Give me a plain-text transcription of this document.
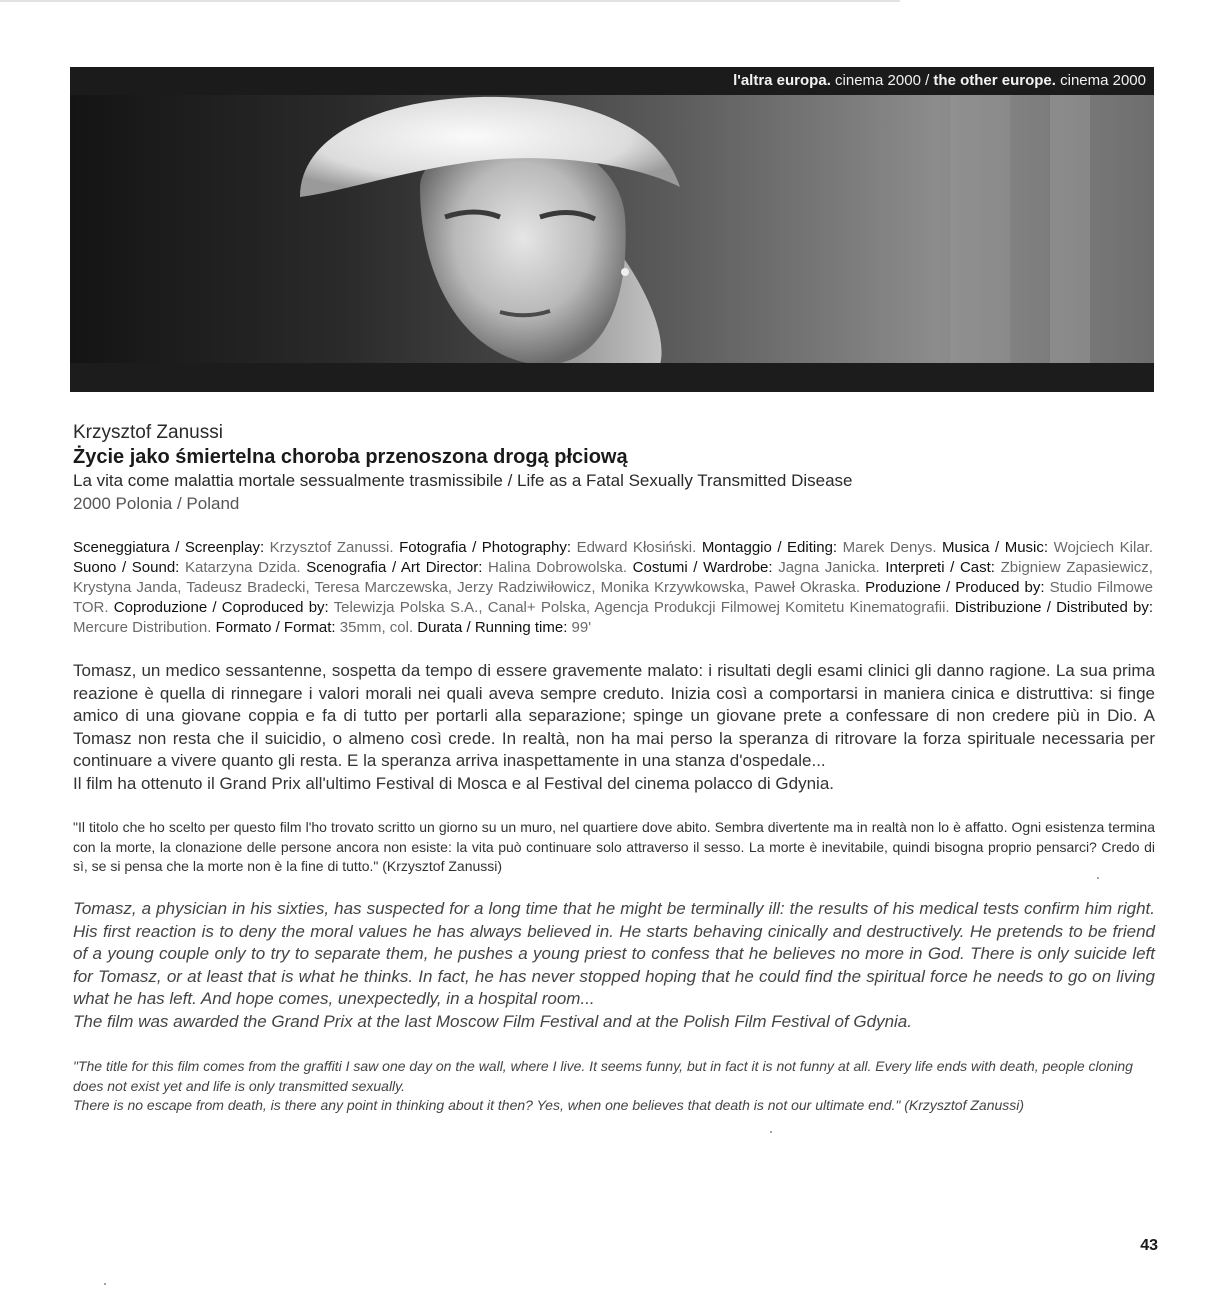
l'altra europa. cinema 2000 / the other europe. cinema 2000
Krzysztof Zanussi
Życie jako śmiertelna choroba przenoszona drogą płciową
La vita come malattia mortale sessualmente trasmissibile / Life as a Fatal Sexually Transmitted Disease
2000 Polonia / Poland
Sceneggiatura / Screenplay: Krzysztof Zanussi. Fotografia / Photography: Edward Kłosiński. Montaggio / Editing: Marek Denys. Musica / Music: Wojciech Kilar. Suono / Sound: Katarzyna Dzida. Scenografia / Art Director: Halina Dobrowolska. Costumi / Wardrobe: Jagna Janicka. Interpreti / Cast: Zbigniew Zapasiewicz, Krystyna Janda, Tadeusz Bradecki, Teresa Marczewska, Jerzy Radziwiłowicz, Monika Krzywkowska, Paweł Okraska. Produzione / Produced by: Studio Filmowe TOR. Coproduzione / Coproduced by: Telewizja Polska S.A., Canal+ Polska, Agencja Produkcji Filmowej Komitetu Kinematografii. Distribuzione / Distributed by: Mercure Distribution. Formato / Format: 35mm, col. Durata / Running time: 99'

Tomasz, un medico sessantenne, sospetta da tempo di essere gravemente malato: i risultati degli esami clinici gli danno ragione. La sua prima reazione è quella di rinnegare i valori morali nei quali aveva sempre creduto. Inizia così a comportarsi in maniera cinica e distruttiva: si finge amico di una giovane coppia e fa di tutto per portarli alla separazione; spinge un giovane prete a confessare di non credere più in Dio. A Tomasz non resta che il suicidio, o almeno così crede. In realtà, non ha mai perso la speranza di ritrovare la forza spirituale necessaria per continuare a vivere quanto gli resta. E la speranza arriva inaspettamente in una stanza d'ospedale...

Il film ha ottenuto il Grand Prix all'ultimo Festival di Mosca e al Festival del cinema polacco di Gdynia.

"Il titolo che ho scelto per questo film l'ho trovato scritto un giorno su un muro, nel quartiere dove abito. Sembra divertente ma in realtà non lo è affatto. Ogni esistenza termina con la morte, la clonazione delle persone ancora non esiste: la vita può continuare solo attraverso il sesso. La morte è inevitabile, quindi bisogna proprio pensarci? Credo di sì, se si pensa che la morte non è la fine di tutto." (Krzysztof Zanussi)

Tomasz, a physician in his sixties, has suspected for a long time that he might be terminally ill: the results of his medical tests confirm him right. His first reaction is to deny the moral values he has always believed in. He starts behaving cinically and destructively. He pretends to be friend of a young couple only to try to separate them, he pushes a young priest to confess that he believes no more in God. There is only suicide left for Tomasz, or at least that is what he thinks. In fact, he has never stopped hoping that he could find the spiritual force he needs to go on living what he has left. And hope comes, unexpectedly, in a hospital room...

The film was awarded the Grand Prix at the last Moscow Film Festival and at the Polish Film Festival of Gdynia.

"The title for this film comes from the graffiti I saw one day on the wall, where I live. It seems funny, but in fact it is not funny at all. Every life ends with death, people cloning does not exist yet and life is only transmitted sexually.

There is no escape from death, is there any point in thinking about it then? Yes, when one believes that death is not our ultimate end." (Krzysztof Zanussi)

43
